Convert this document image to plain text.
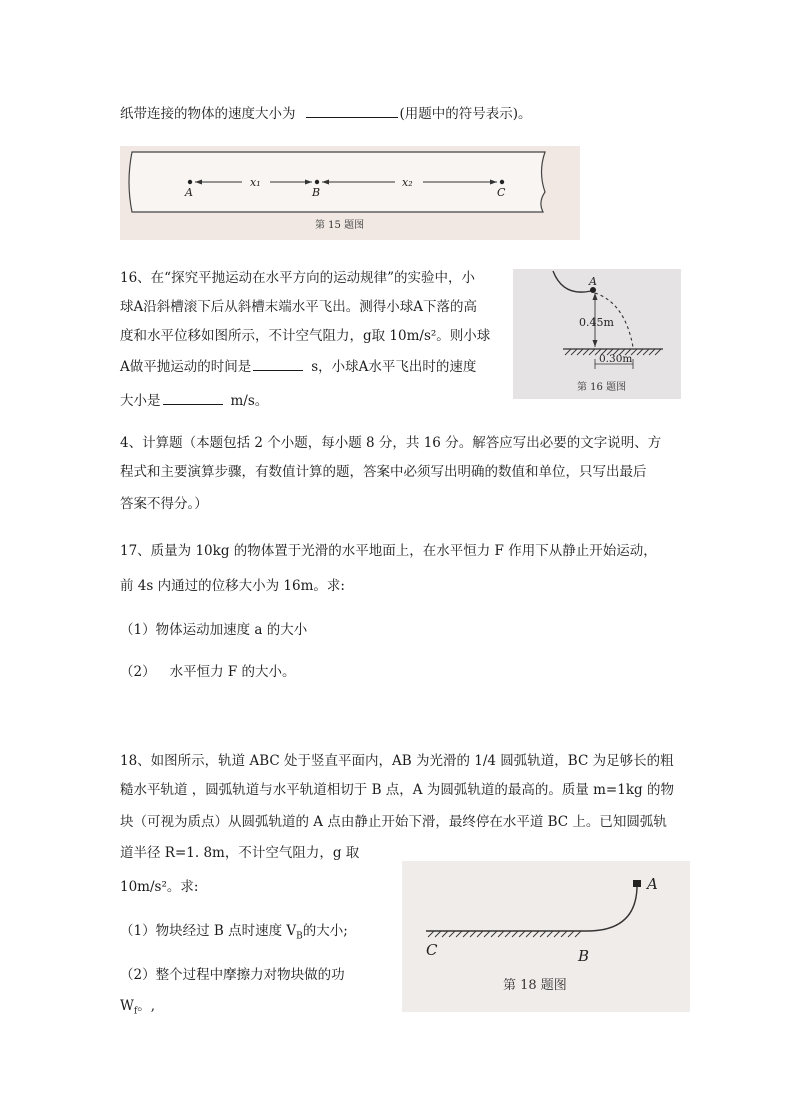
纸带连接的物体的速度大小为	(用题中的符号表示)。
A	B	C
x₁	x₂
第 15 题图
16、在“探究平抛运动在水平方向的运动规律”的实验中，小
球A沿斜槽滚下后从斜槽末端水平飞出。测得小球A下落的高
度和水平位移如图所示，不计空气阻力，g取 10m/s²。则小球
A做平抛运动的时间是	s，小球A水平飞出时的速度
大小是	m/s。
A
0.45m
0.30m
第 16 题图
4、计算题（本题包括 2 个小题，每小题 8 分，共 16 分。解答应写出必要的文字说明、方
程式和主要演算步骤，有数值计算的题，答案中必须写出明确的数值和单位，只写出最后
答案不得分。）
17、质量为 10kg 的物体置于光滑的水平地面上，在水平恒力 F 作用下从静止开始运动，
前 4s 内通过的位移大小为 16m。求:
（1）物体运动加速度 a 的大小
（2） 水平恒力 F 的大小。
18、如图所示，轨道 ABC 处于竖直平面内，AB 为光滑的 1/4 圆弧轨道，BC 为足够长的粗
糙水平轨道 ，圆弧轨道与水平轨道相切于 B 点，A 为圆弧轨道的最高的。质量 m=1kg 的物
块（可视为质点）从圆弧轨道的 A 点由静止开始下滑，最终停在水平道 BC 上。已知圆弧轨
道半径 R=1. 8m，不计空气阻力，g 取
10m/s²。求:
（1）物块经过 B 点时速度 $V_B$的大小;
（2）整个过程中摩擦力对物块做的功
$W_f$。,
A
C	B
第 18 题图
